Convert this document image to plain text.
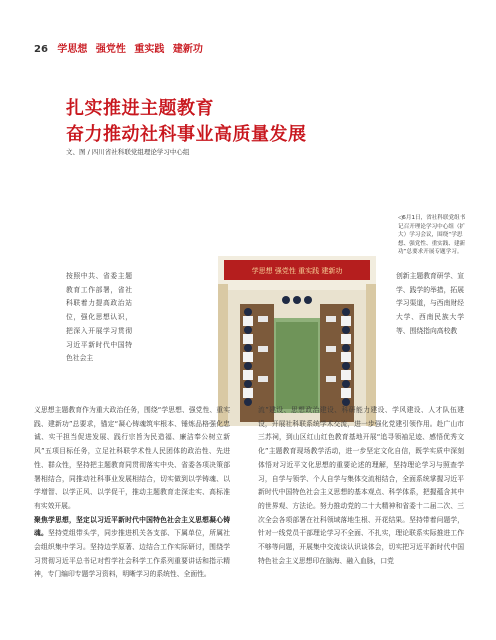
26 学思想 强党性 重实践 建新功
扎实推进主题教育
奋力推动社科事业高质量发展
文、图 / 四川省社科联党组理论学习中心组
◁6月1日，省社科联党组书记召开理论学习中心组（扩大）学习会议，围绕“学思想、强党性、重实践、建新功”总要求开展专题学习。
学思想 强党性 重实践 建新功

按照中共、省委主题教育工作部署，省社科联着力提高政治站位，强化思想认识，把深入开展学习贯彻习近平新时代中国特色社会主

创新主题教育研学、宣学、践学的举措，拓展学习渠道，与西南财经大学、西南民族大学等、围绕指向高校教

义思想主题教育作为重大政治任务，围绕“学思想、强党性、重实践、建新功”总要求，锚定“凝心铸魂筑牢根本、锤炼品格强化忠诚、实干担当促进发展、践行宗旨为民造福、廉洁奉公树立新风”五项目标任务，立足社科联学术性人民团体的政治性、先进性、群众性，坚持把主题教育同贯彻落实中央、省委各项决策部署相结合，同推动社科事业发展相结合，切实做到以学铸魂、以学增智、以学正风、以学促干，推动主题教育走深走实、高标准有实效开展。

聚焦学思想，坚定以习近平新时代中国特色社会主义思想凝心铸魂。坚持党组带头学，同步推进机关各支部、下属单位，所属社会组织集中学习。坚持边学原著、边结合工作实际研讨，围绕学习贯彻习近平总书记对哲学社会科学工作系列重要讲话和指示精神，专门编印专题学习资料，明晰学习的系统性、全面性。

流”建设、思想政治建设、科研能力建设、学风建设、人才队伍建设，开展社科联系统学术交流，进一步强化党建引领作用。赴广山市三苏祠，到山区红山红色教育基地开展“追寻领袖足迹、感悟优秀文化”主题教育现场教学活动，进一步坚定文化自信，既学实质中深刻体悟对习近平文化思想的重要论述的理解，坚持理论学习与照查学习，自学与领学、个人自学与集体交流相结合，全面系统掌握习近平新时代中国特色社会主义思想的基本观点、科学体系，把握蕴含其中的世界观、方法论。努力推动党的二十大精神和省委十二届二次、三次全会各项部署在社科领域落地生根、开花结果。坚持带着问题学，针对一线党员干部理论学习不全面、不扎实，理论联系实际推进工作不够等问题，开展集中交流谈认识谈体会，切实把习近平新时代中国特色社会主义思想印在脑海、融入血脉，口党
